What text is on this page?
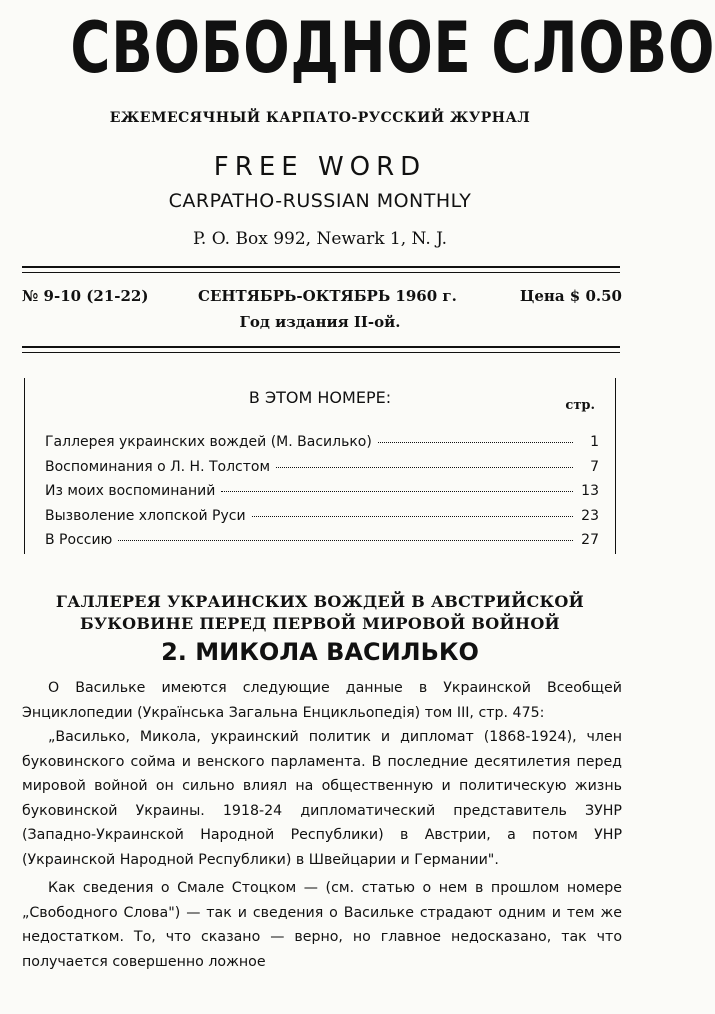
СВОБОДНОЕ СЛОВО
ЕЖЕМЕСЯЧНЫЙ КАРПАТО-РУССКИЙ ЖУРНАЛ
FREE WORD
CARPATHO-RUSSIAN MONTHLY
P. O. Box 992, Newark 1, N. J.
№ 9-10 (21-22)	СЕНТЯБРЬ-ОКТЯБРЬ 1960 г.	Цена $ 0.50
Год издания II-ой.
В ЭТОМ НОМЕРЕ:	стр.
Галлерея украинских вождей (М. Василько)	1
Воспоминания о Л. Н. Толстом	7
Из моих воспоминаний	13
Вызволение хлопской Руси	23
В Россию	27
ГАЛЛЕРЕЯ УКРАИНСКИХ ВОЖДЕЙ В АВСТРИЙСКОЙ
БУКОВИНЕ ПЕРЕД ПЕРВОЙ МИРОВОЙ ВОЙНОЙ
2. МИКОЛА ВАСИЛЬКО

О Васильке имеются следующие данные в Украинской Всеобщей Энциклопедии (Українська Загальна Енцикльопедія) том III, стр. 475:

„Василько, Микола, украинский политик и дипломат (1868-1924), член буковинского сойма и венского парламента. В последние десятилетия перед мировой войной он сильно влиял на общественную и политическую жизнь буковинской Украины. 1918-24 дипломатический представитель ЗУНР (Западно-Украинской Народной Республики) в Австрии, а потом УНР (Украинской Народной Республики) в Швейцарии и Германии".

Как сведения о Смале Стоцком — (см. статью о нем в прошлом номере „Свободного Слова") — так и сведения о Васильке страдают одним и тем же недостатком. То, что сказано — верно, но главное недосказано, так что получается совершенно ложное
